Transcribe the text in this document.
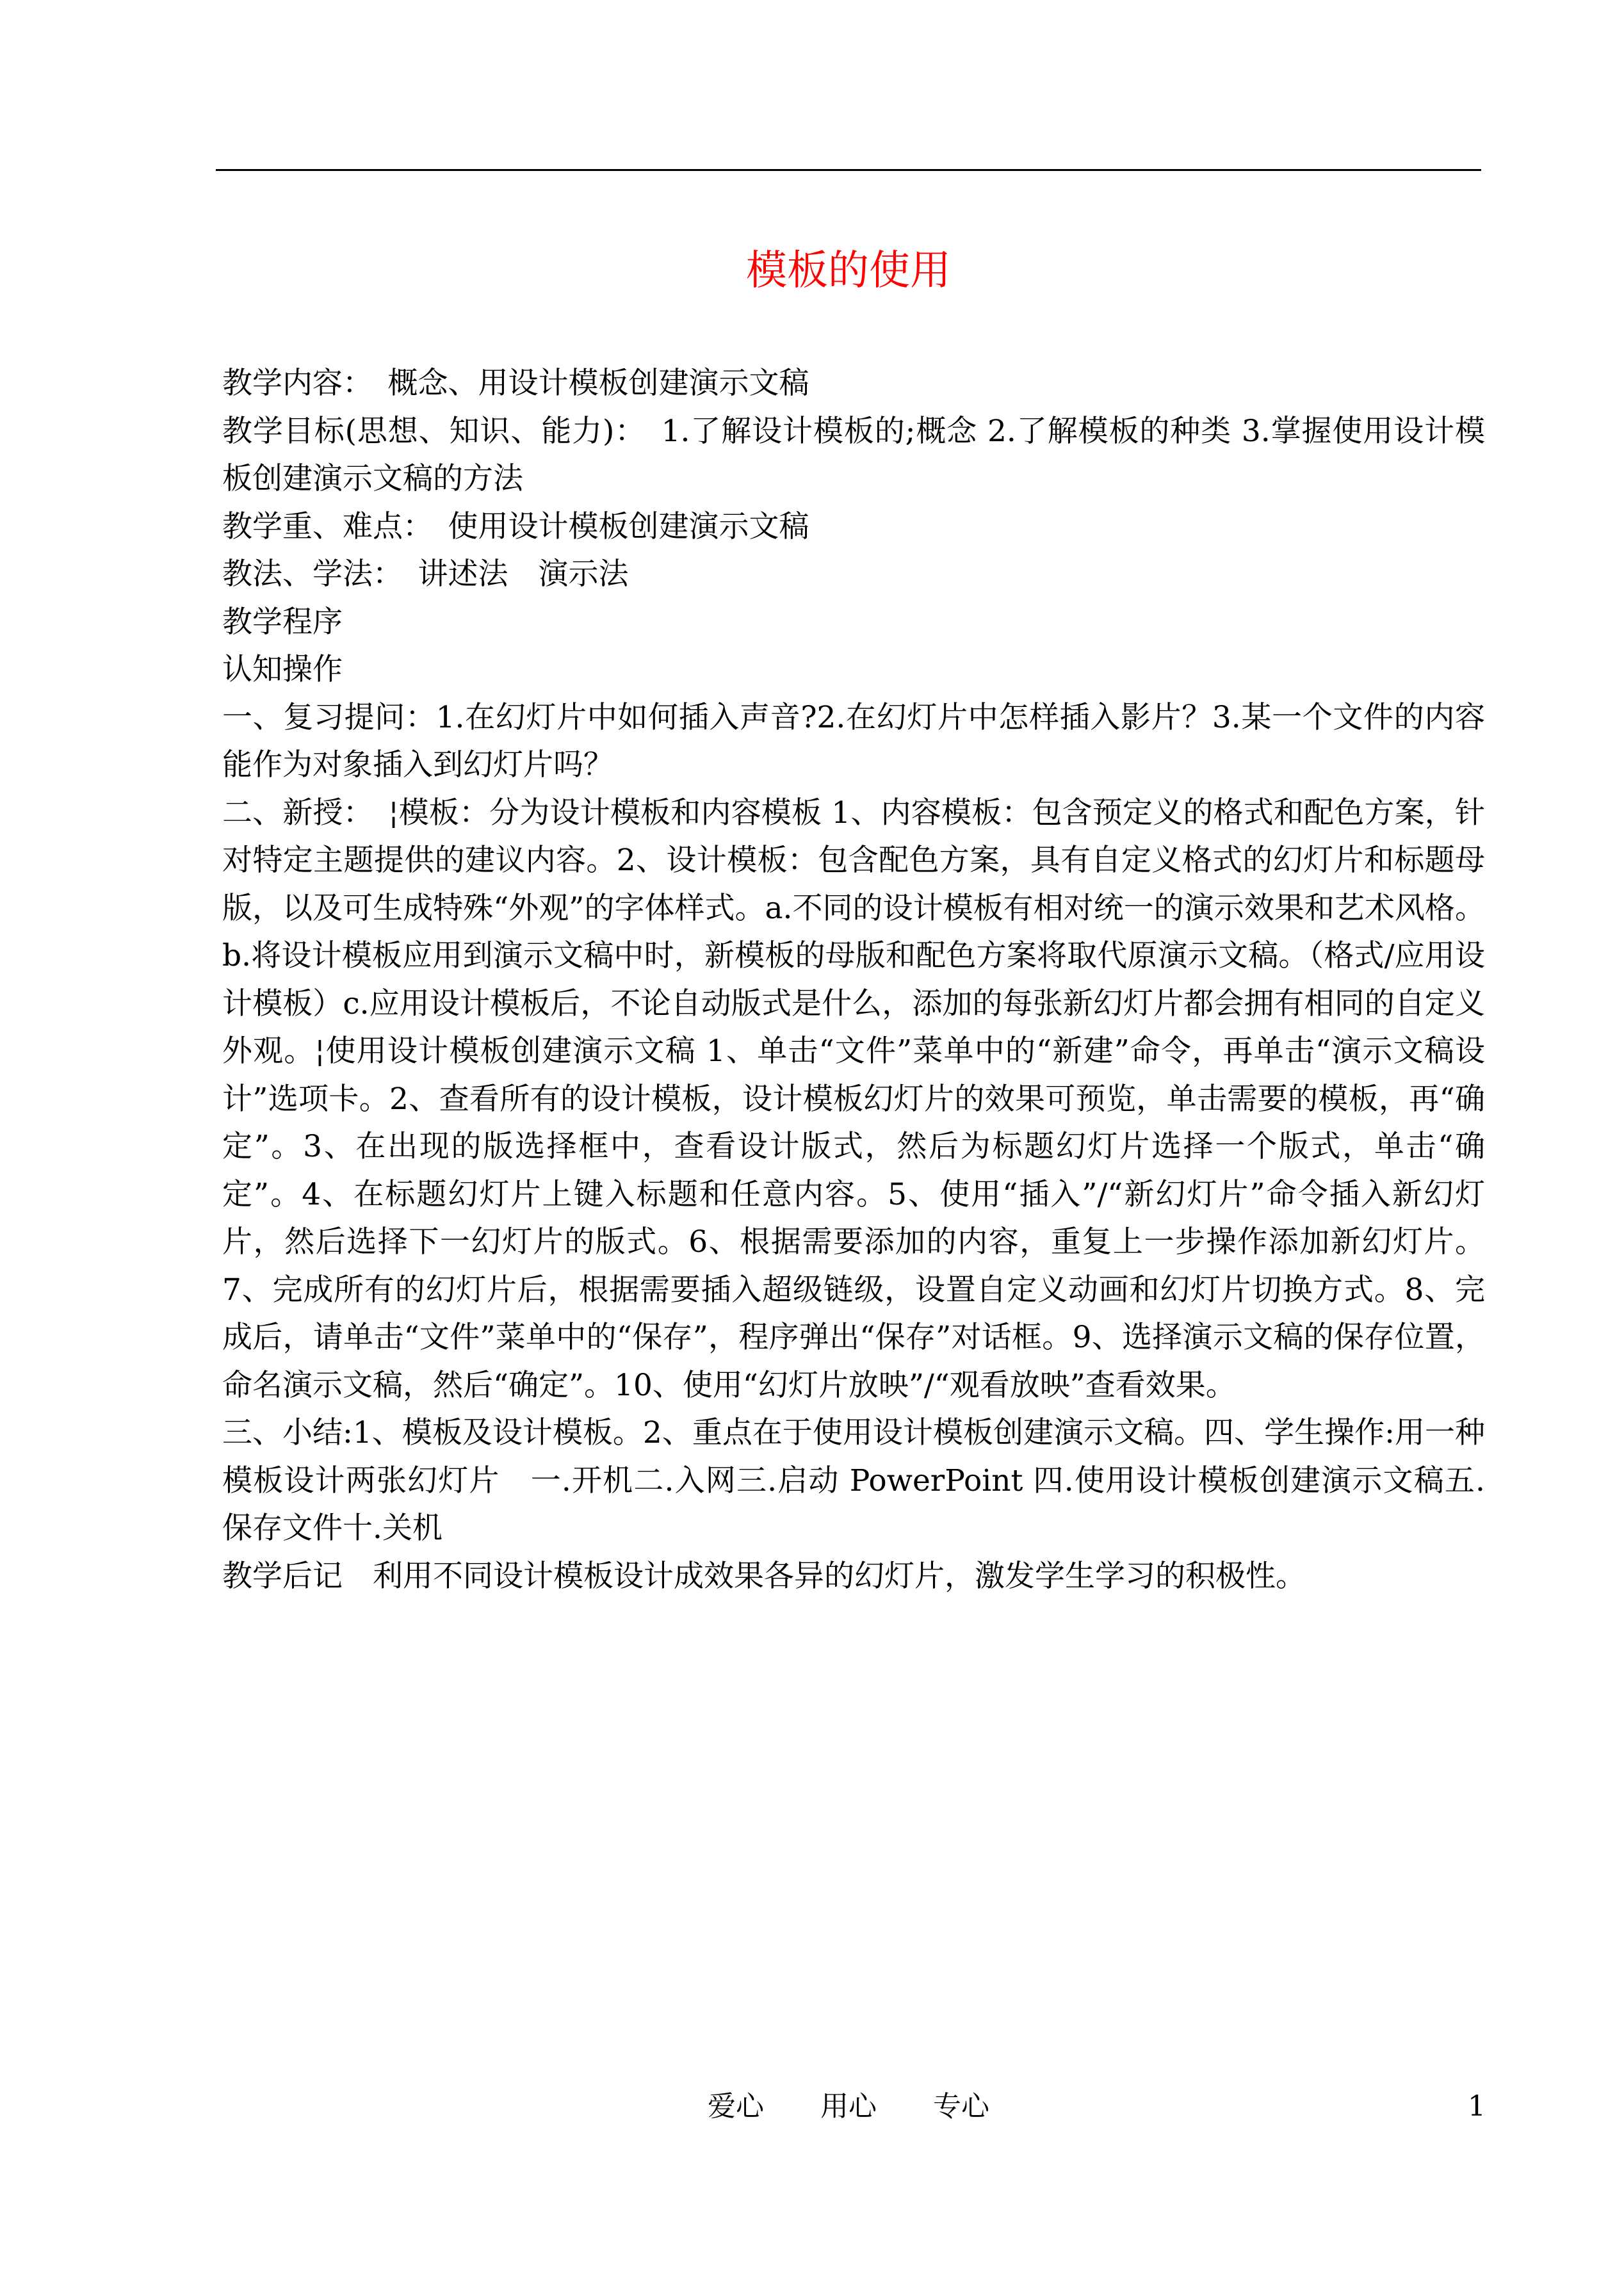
模板的使用

教学内容：　概念、用设计模板创建演示文稿

教学目标(思想、知识、能力)：　1.了解设计模板的;概念 2.了解模板的种类 3.掌握使用设计模板创建演示文稿的方法

教学重、难点：　使用设计模板创建演示文稿

教法、学法：　讲述法　演示法

教学程序

认知操作

一、复习提问：1.在幻灯片中如何插入声音?2.在幻灯片中怎样插入影片？3.某一个文件的内容能作为对象插入到幻灯片吗？

二、新授：　¦模板：分为设计模板和内容模板 1、内容模板：包含预定义的格式和配色方案，针对特定主题提供的建议内容。2、设计模板：包含配色方案，具有自定义格式的幻灯片和标题母版，以及可生成特殊“外观”的字体样式。a.不同的设计模板有相对统一的演示效果和艺术风格。b.将设计模板应用到演示文稿中时，新模板的母版和配色方案将取代原演示文稿。（格式/应用设计模板）c.应用设计模板后，不论自动版式是什么，添加的每张新幻灯片都会拥有相同的自定义外观。¦使用设计模板创建演示文稿 1、单击“文件”菜单中的“新建”命令，再单击“演示文稿设计”选项卡。2、查看所有的设计模板，设计模板幻灯片的效果可预览，单击需要的模板，再“确定”。3、在出现的版选择框中，查看设计版式，然后为标题幻灯片选择一个版式，单击“确定”。4、在标题幻灯片上键入标题和任意内容。5、使用“插入”/“新幻灯片”命令插入新幻灯片，然后选择下一幻灯片的版式。6、根据需要添加的内容，重复上一步操作添加新幻灯片。7、完成所有的幻灯片后，根据需要插入超级链级，设置自定义动画和幻灯片切换方式。8、完成后，请单击“文件”菜单中的“保存”，程序弹出“保存”对话框。9、选择演示文稿的保存位置，命名演示文稿，然后“确定”。10、使用“幻灯片放映”/“观看放映”查看效果。

三、小结:1、模板及设计模板。2、重点在于使用设计模板创建演示文稿。四、学生操作:用一种模板设计两张幻灯片　一.开机二.入网三.启动 PowerPoint 四.使用设计模板创建演示文稿五.保存文件十.关机

教学后记　利用不同设计模板设计成效果各异的幻灯片，激发学生学习的积极性。

爱心　　用心　　专心	1
